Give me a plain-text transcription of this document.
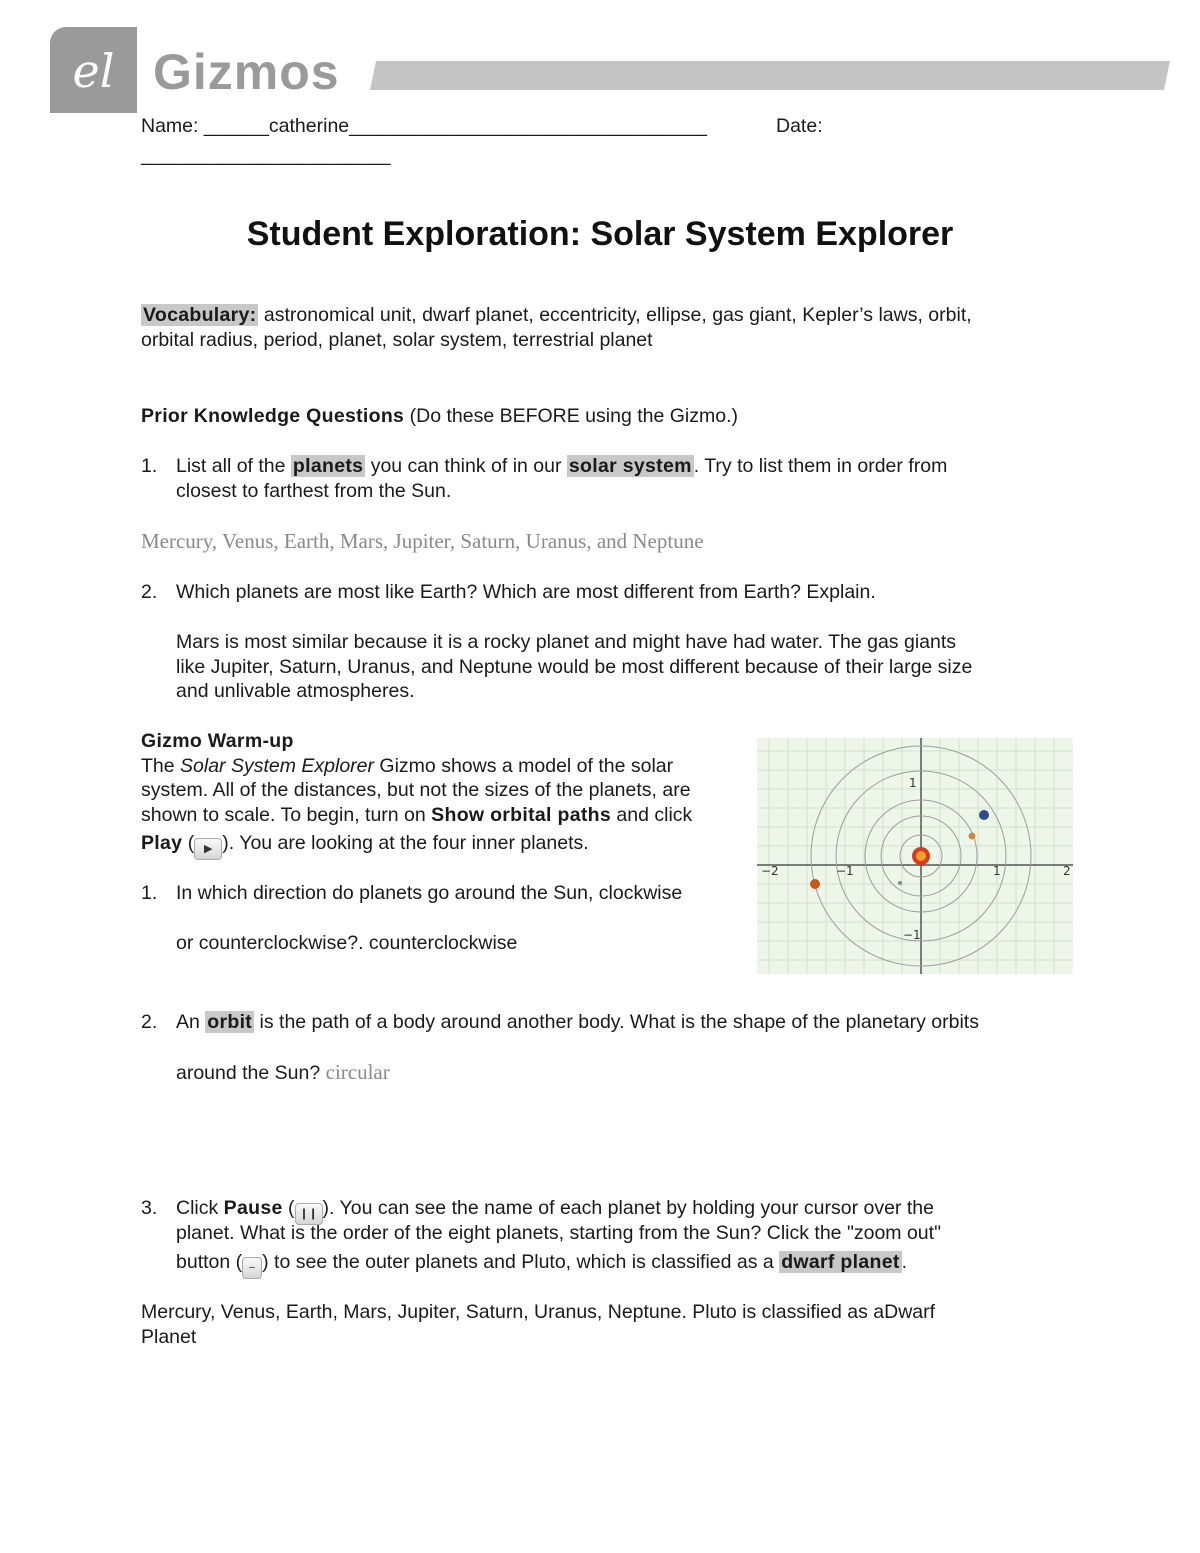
el Gizmos
Name: ______catherine_________________________________	Date:
_______________________
Student Exploration: Solar System Explorer
Vocabulary: astronomical unit, dwarf planet, eccentricity, ellipse, gas giant, Kepler’s laws, orbit,
orbital radius, period, planet, solar system, terrestrial planet
Prior Knowledge Questions (Do these BEFORE using the Gizmo.)
1. List all of the planets you can think of in our solar system . Try to list them in order from
closest to farthest from the Sun.
Mercury, Venus, Earth, Mars, Jupiter, Saturn, Uranus, and Neptune
2. Which planets are most like Earth? Which are most different from Earth? Explain.
Mars is most similar because it is a rocky planet and might have had water. The gas giants
like Jupiter, Saturn, Uranus, and Neptune would be most different because of their large size
and unlivable atmospheres.
Gizmo Warm-up
The Solar System Explorer Gizmo shows a model of the solar
system. All of the distances, but not the sizes of the planets, are
shown to scale. To begin, turn on Show orbital paths and click
Play ( ▶ ). You are looking at the four inner planets.
−2	−1	1	2
1
−1
1. In which direction do planets go around the Sun, clockwise
or counterclockwise?. counterclockwise
2. An orbit is the path of a body around another body. What is the shape of the planetary orbits
around the Sun? circular
3. Click Pause ( ❙❙ ). You can see the name of each planet by holding your cursor over the
planet. What is the order of the eight planets, starting from the Sun? Click the "zoom out"
button ( − ) to see the outer planets and Pluto, which is classified as a dwarf planet .
Mercury, Venus, Earth, Mars, Jupiter, Saturn, Uranus, Neptune. Pluto is classified as aDwarf
Planet
